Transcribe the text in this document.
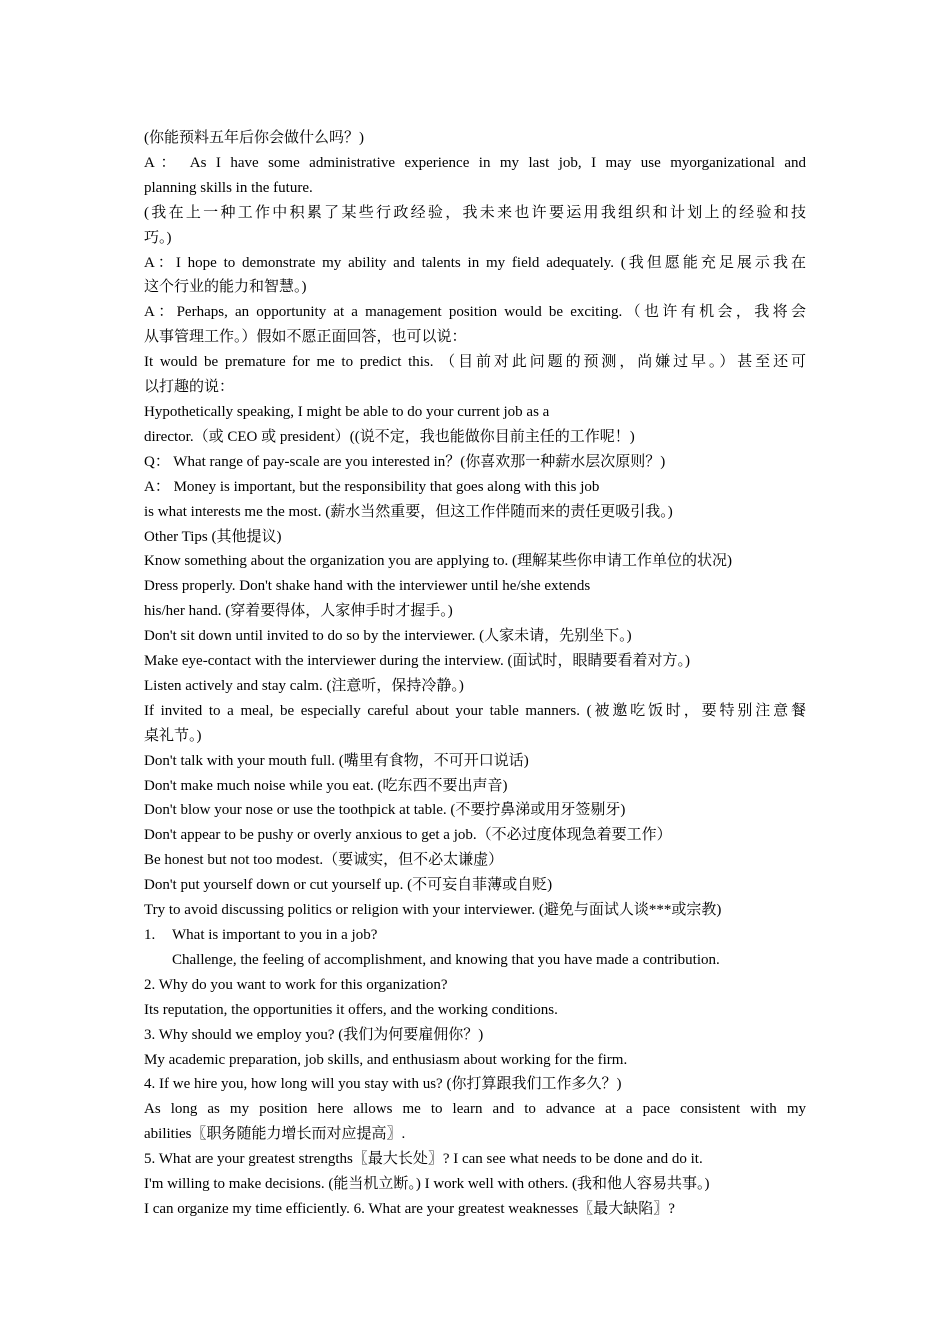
(你能预料五年后你会做什么吗？)
A： As I have some administrative experience in my last job, I may use myorganizational and
planning skills in the future.
(我在上一种工作中积累了某些行政经验，我未来也许要运用我组织和计划上的经验和技
巧。)
A：I hope to demonstrate my ability and talents in my field adequately. (我但愿能充足展示我在
这个行业的能力和智慧。)
A：Perhaps, an opportunity at a management position would be exciting.（也许有机会，我将会
从事管理工作。）假如不愿正面回答，也可以说：
It would be premature for me to predict this. （目前对此问题的预测，尚嫌过早。）甚至还可
以打趣的说：
Hypothetically speaking, I might be able to do your current job as a
director.（或 CEO 或 president）((说不定，我也能做你目前主任的工作呢！)
Q： What range of pay-scale are you interested in？(你喜欢那一种薪水层次原则？)
A： Money is important, but the responsibility that goes along with this job
is what interests me the most. (薪水当然重要，但这工作伴随而来的责任更吸引我。)
Other Tips (其他提议)
Know something about the organization you are applying to. (理解某些你申请工作单位的状况)
Dress properly. Don't shake hand with the interviewer until he/she extends
his/her hand. (穿着要得体，人家伸手时才握手。)
Don't sit down until invited to do so by the interviewer. (人家未请，先别坐下。)
Make eye-contact with the interviewer during the interview. (面试时，眼睛要看着对方。)
Listen actively and stay calm. (注意听，保持冷静。)
If invited to a meal, be especially careful about your table manners. (被邀吃饭时，要特别注意餐
桌礼节。)
Don't talk with your mouth full. (嘴里有食物，不可开口说话)
Don't make much noise while you eat. (吃东西不要出声音)
Don't blow your nose or use the toothpick at table. (不要拧鼻涕或用牙签剔牙)
Don't appear to be pushy or overly anxious to get a job.（不必过度体现急着要工作）
Be honest but not too modest.（要诚实，但不必太谦虚）
Don't put yourself down or cut yourself up. (不可妄自菲薄或自贬)
Try to avoid discussing politics or religion with your interviewer. (避免与面试人谈***或宗教)
1. What is important to you in a job?
Challenge, the feeling of accomplishment, and knowing that you have made a contribution.
2. Why do you want to work for this organization?
Its reputation, the opportunities it offers, and the working conditions.
3. Why should we employ you? (我们为何要雇佣你？)
My academic preparation, job skills, and enthusiasm about working for the firm.
4. If we hire you, how long will you stay with us? (你打算跟我们工作多久？)
As long as my position here allows me to learn and to advance at a pace consistent with my
abilities〖职务随能力增长而对应提高〗.
5. What are your greatest strengths〖最大长处〗? I can see what needs to be done and do it.
I'm willing to make decisions. (能当机立断。) I work well with others. (我和他人容易共事。)
I can organize my time efficiently. 6. What are your greatest weaknesses〖最大缺陷〗?
